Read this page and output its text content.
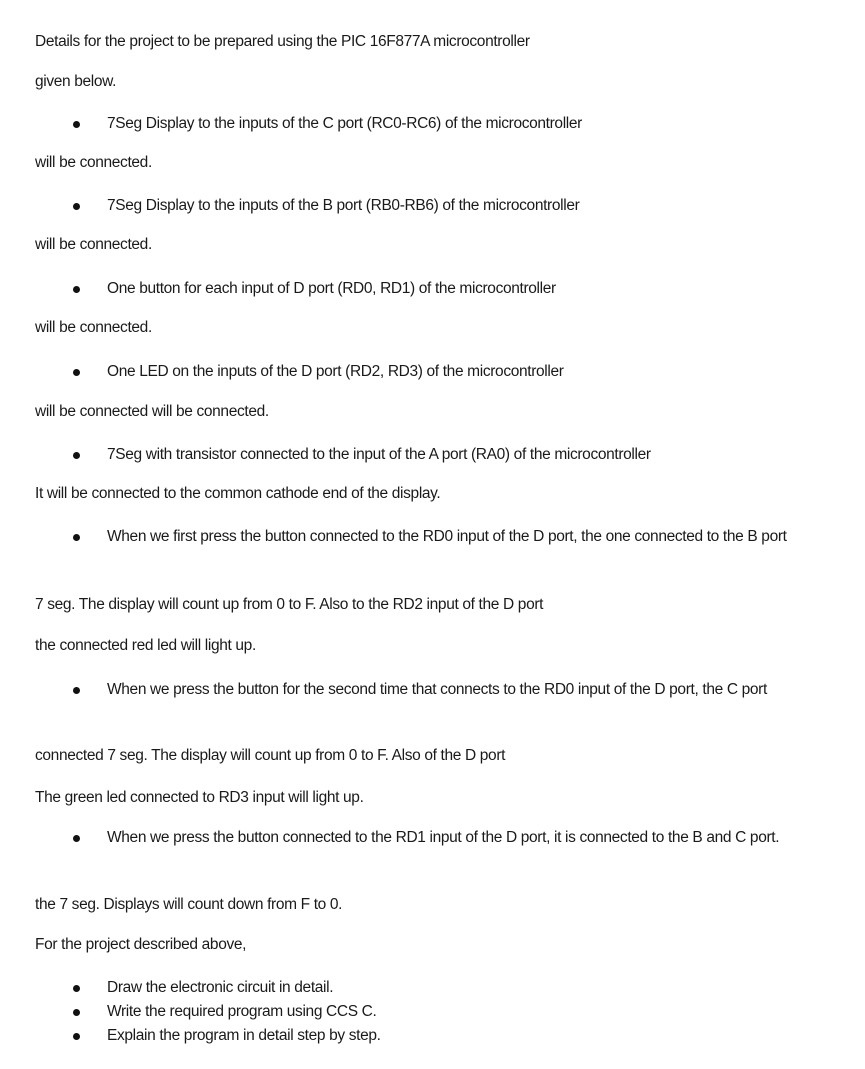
Details for the project to be prepared using the PIC 16F877A microcontroller
given below.
7Seg Display to the inputs of the C port (RC0-RC6) of the microcontroller
will be connected.
7Seg Display to the inputs of the B port (RB0-RB6) of the microcontroller
will be connected.
One button for each input of D port (RD0, RD1) of the microcontroller
will be connected.
One LED on the inputs of the D port (RD2, RD3) of the microcontroller
will be connected will be connected.
7Seg with transistor connected to the input of the A port (RA0) of the microcontroller
It will be connected to the common cathode end of the display.
When we first press the button connected to the RD0 input of the D port, the one connected to the B port
7 seg. The display will count up from 0 to F. Also to the RD2 input of the D port
the connected red led will light up.
When we press the button for the second time that connects to the RD0 input of the D port, the C port
connected 7 seg. The display will count up from 0 to F. Also of the D port
The green led connected to RD3 input will light up.
When we press the button connected to the RD1 input of the D port, it is connected to the B and C port.
the 7 seg. Displays will count down from F to 0.
For the project described above,
Draw the electronic circuit in detail.
Write the required program using CCS C.
Explain the program in detail step by step.
